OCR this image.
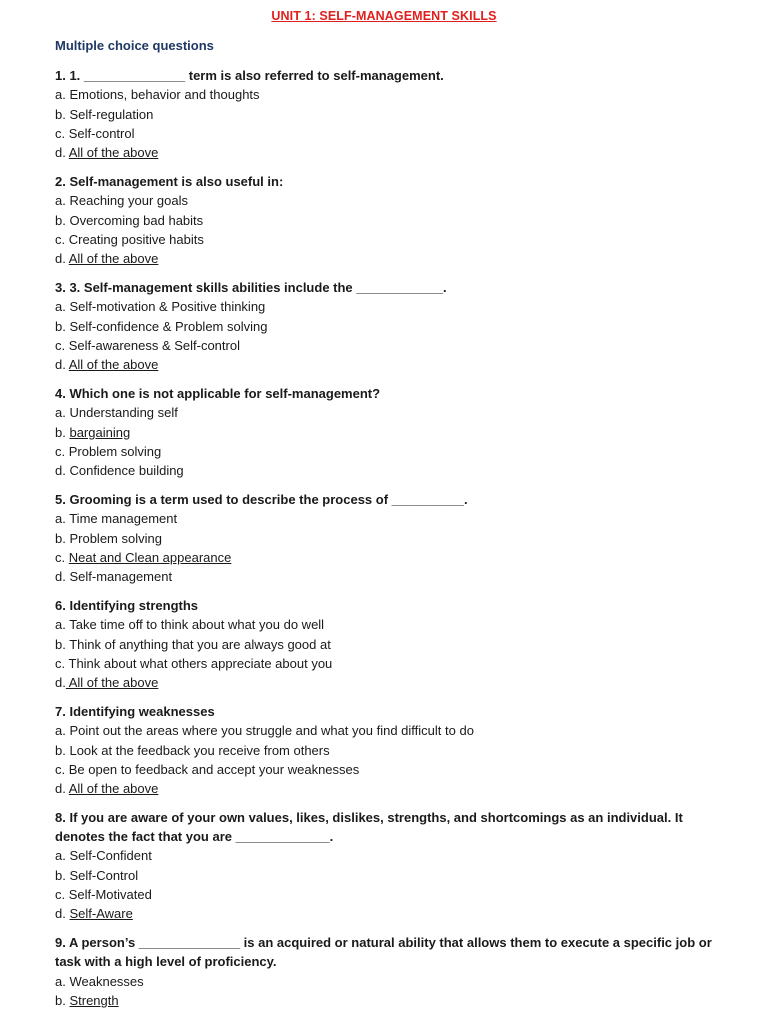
UNIT 1: SELF-MANAGEMENT SKILLS
Multiple choice questions
1. 1. ______________ term is also referred to self-management.
a. Emotions, behavior and thoughts
b. Self-regulation
c. Self-control
d. All of the above
2. Self-management is also useful in:
a. Reaching your goals
b. Overcoming bad habits
c. Creating positive habits
d. All of the above
3. 3. Self-management skills abilities include the ____________.
a. Self-motivation & Positive thinking
b. Self-confidence & Problem solving
c. Self-awareness & Self-control
d. All of the above
4. Which one is not applicable for self-management?
a. Understanding self
b. bargaining
c. Problem solving
d. Confidence building
5. Grooming is a term used to describe the process of __________.
a. Time management
b. Problem solving
c. Neat and Clean appearance
d. Self-management
6. Identifying strengths
a. Take time off to think about what you do well
b. Think of anything that you are always good at
c. Think about what others appreciate about you
d. All of the above
7. Identifying weaknesses
a. Point out the areas where you struggle and what you find difficult to do
b. Look at the feedback you receive from others
c. Be open to feedback and accept your weaknesses
d. All of the above
8. If you are aware of your own values, likes, dislikes, strengths, and shortcomings as an individual. It denotes the fact that you are _____________.
a. Self-Confident
b. Self-Control
c. Self-Motivated
d. Self-Aware
9. A person’s ______________ is an acquired or natural ability that allows them to execute a specific job or task with a high level of proficiency.
a. Weaknesses
b. Strength
